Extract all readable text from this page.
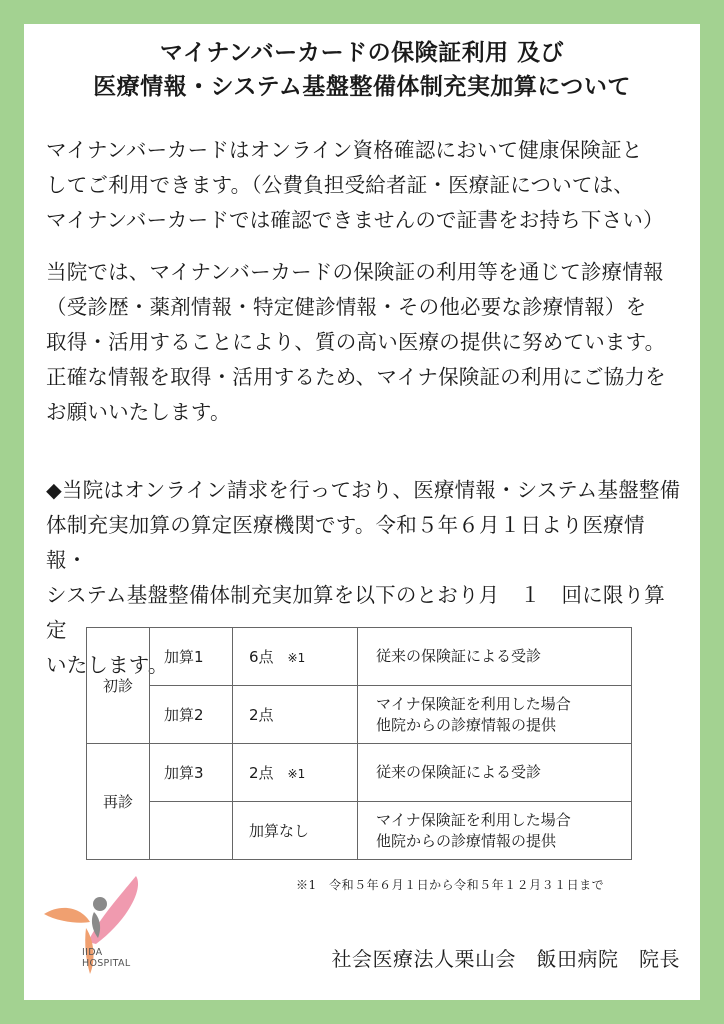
マイナンバーカードの保険証利用 及び
医療情報・システム基盤整備体制充実加算について
マイナンバーカードはオンライン資格確認において健康保険証と
してご利用できます。（公費負担受給者証・医療証については、
マイナンバーカードでは確認できませんので証書をお持ち下さい）
当院では、マイナンバーカードの保険証の利用等を通じて診療情報
（受診歴・薬剤情報・特定健診情報・その他必要な診療情報）を
取得・活用することにより、質の高い医療の提供に努めています。
正確な情報を取得・活用するため、マイナ保険証の利用にご協力を
お願いいたします。
◆当院はオンライン請求を行っており、医療情報・システム基盤整備
体制充実加算の算定医療機関です。令和５年６月１日より医療情報・
システム基盤整備体制充実加算を以下のとおり月　１　回に限り算定
いたします。
初診	加算1	6点 ※1	従来の保険証による受診

	加算2	2点	マイナ保険証を利用した場合
他院からの診療情報の提供

再診	加算3	2点 ※1	従来の保険証による受診

		加算なし	マイナ保険証を利用した場合
他院からの診療情報の提供
※1　令和５年６月１日から令和５年１２月３１日まで
IIDA
HOSPITAL	社会医療法人栗山会　飯田病院　院長
